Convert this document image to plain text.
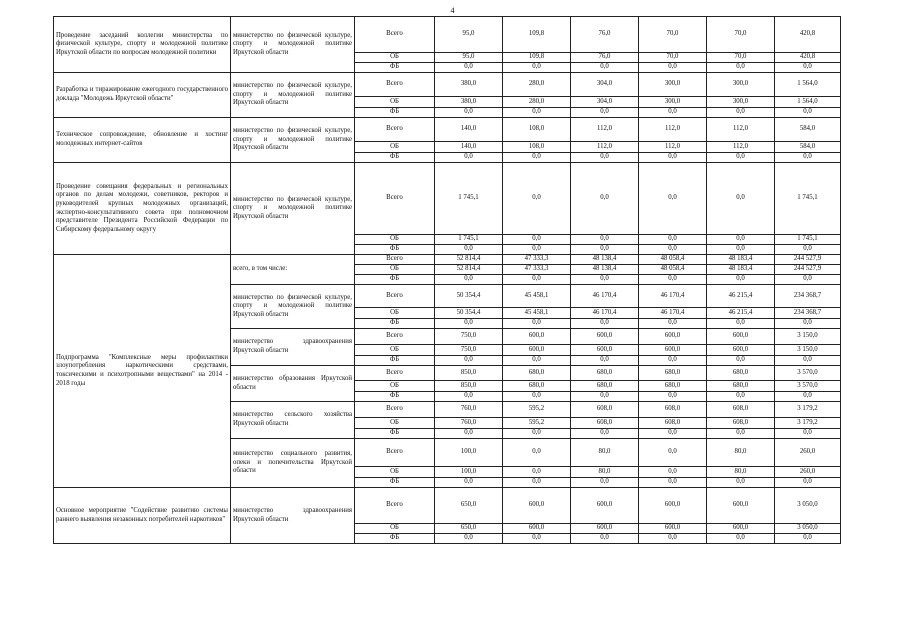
4
Проведение заседаний коллегии министерства по физической культуре, спорту и молодежной политике Иркутской области по вопросам молодежной политики	министерство по физической культуре, спорту и молодежной политике Иркутской области	Всего	95,0	109,8	76,0	70,0	70,0	420,8
		ОБ	95,0	109,8	76,0	70,0	70,0	420,8
		ФБ	0,0	0,0	0,0	0,0	0,0	0,0
Разработка и тиражирование ежегодного государственного доклада "Молодежь Иркутской области"	министерство по физической культуре, спорту и молодежной политике Иркутской области	Всего	380,0	280,0	304,0	300,0	300,0	1 564,0
		ОБ	380,0	280,0	304,0	300,0	300,0	1 564,0
		ФБ	0,0	0,0	0,0	0,0	0,0	0,0
Техническое сопровождение, обновление и хостинг молодежных интернет-сайтов	министерство по физической культуре, спорту и молодежной политике Иркутской области	Всего	140,0	108,0	112,0	112,0	112,0	584,0
		ОБ	140,0	108,0	112,0	112,0	112,0	584,0
		ФБ	0,0	0,0	0,0	0,0	0,0	0,0
Проведение совещания федеральных и региональных органов по делам молодежи, советников, ректоров и руководителей крупных молодежных организаций, экспертно-консультативного совета при полномочном представителе Президента Российской Федерации по Сибирскому федеральному округу	министерство по физической культуре, спорту и молодежной политике Иркутской области	Всего	1 745,1	0,0	0,0	0,0	0,0	1 745,1
		ОБ	1 745,1	0,0	0,0	0,0	0,0	1 745,1
		ФБ	0,0	0,0	0,0	0,0	0,0	0,0
Подпрограмма "Комплексные меры профилактики злоупотребления наркотическими средствами, токсическими и психотропными веществами" на 2014 - 2018 годы	всего, в том числе:	Всего	52 814,4	47 333,3	48 138,4	48 058,4	48 183,4	244 527,9
		ОБ	52 814,4	47 333,3	48 138,4	48 058,4	48 183,4	244 527,9
		ФБ	0,0	0,0	0,0	0,0	0,0	0,0
	министерство по физической культуре, спорту и молодежной политике Иркутской области	Всего	50 354,4	45 458,1	46 170,4	46 170,4	46 215,4	234 368,7
		ОБ	50 354,4	45 458,1	46 170,4	46 170,4	46 215,4	234 368,7
		ФБ	0,0	0,0	0,0	0,0	0,0	0,0
	министерство здравоохранения Иркутской области	Всего	750,0	600,0	600,0	600,0	600,0	3 150,0
		ОБ	750,0	600,0	600,0	600,0	600,0	3 150,0
		ФБ	0,0	0,0	0,0	0,0	0,0	0,0
	министерство образования Иркутской области	Всего	850,0	680,0	680,0	680,0	680,0	3 570,0
		ОБ	850,0	680,0	680,0	680,0	680,0	3 570,0
		ФБ	0,0	0,0	0,0	0,0	0,0	0,0
	министерство сельского хозяйства Иркутской области	Всего	760,0	595,2	608,0	608,0	608,0	3 179,2
		ОБ	760,0	595,2	608,0	608,0	608,0	3 179,2
		ФБ	0,0	0,0	0,0	0,0	0,0	0,0
	министерство социального развития, опеки и попечительства Иркутской области	Всего	100,0	0,0	80,0	0,0	80,0	260,0
		ОБ	100,0	0,0	80,0	0,0	80,0	260,0
		ФБ	0,0	0,0	0,0	0,0	0,0	0,0
Основное мероприятие "Содействие развитию системы раннего выявления незаконных потребителей наркотиков"	министерство здравоохранения Иркутской области	Всего	650,0	600,0	600,0	600,0	600,0	3 050,0
		ОБ	650,0	600,0	600,0	600,0	600,0	3 050,0
		ФБ	0,0	0,0	0,0	0,0	0,0	0,0
